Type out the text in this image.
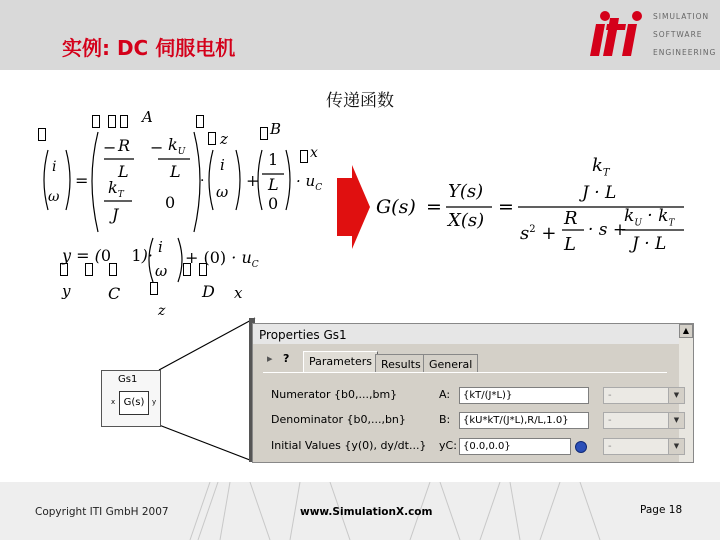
实例: DC 伺服电机
SIMULATION
SOFTWARE
ENGINEERING
传递函数

A
z
B
x
i
ω
=
− R
L
− $k_U$
L
$k_T$
J
0
i
ω
·	+
1
L
0
· $u_C$
y = (0 1)· i
ω
+ $(0) \cdot u_C$

y C	D x
z
G(s) =
Y(s)
X(s)
=
$k_T$
J · L
$s^2$ +
R
L
· s +
$k_U \cdot k_T$
J · L
Gs1
G(s)
x	y
Properties Gs1	▲
▸ ?	Parameters Results General
Numerator {b0,...,bm}	A:	{kT/(J*L)}	-	▼
Denominator {b0,...,bn}	B:	{kU*kT/(J*L),R/L,1.0}	-	▼
Initial Values {y(0), dy/dt...} yC: {0.0,0.0}	-	▼
Copyright ITI GmbH 2007	www.SimulationX.com	Page 18
